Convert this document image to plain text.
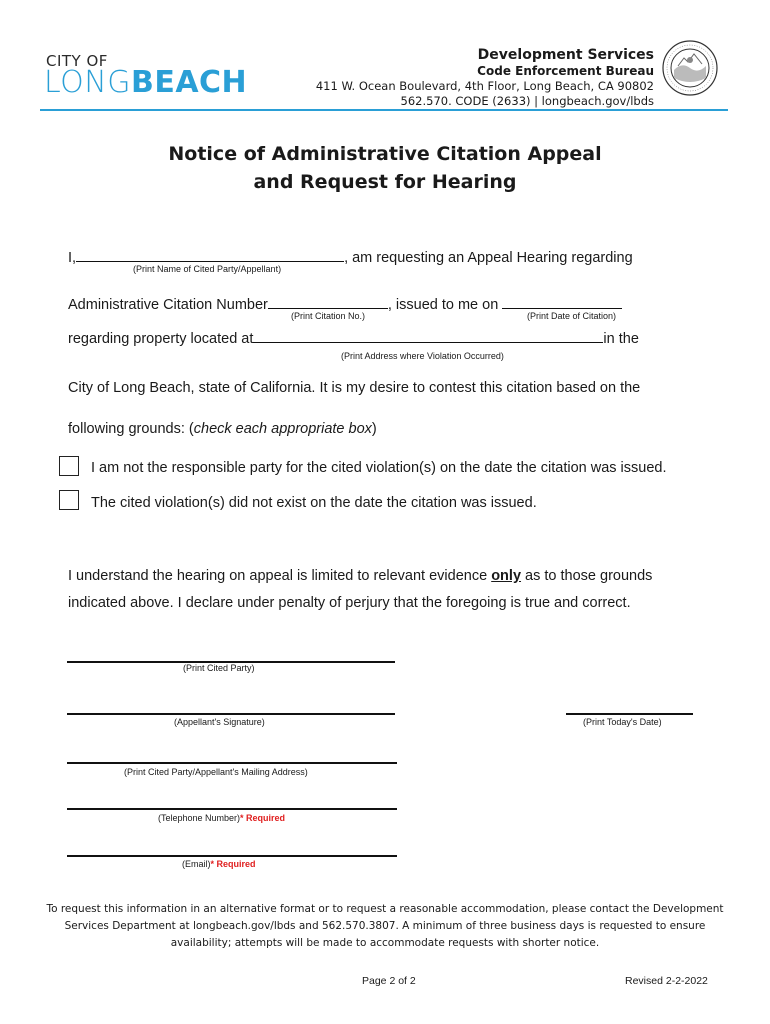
CITY OF
LONGBEACH
Development Services
Code Enforcement Bureau
411 W. Ocean Boulevard, 4th Floor, Long Beach, CA 90802
562.570. CODE (2633) | longbeach.gov/lbds
Notice of Administrative Citation Appeal
and Request for Hearing
I,	, am requesting an Appeal Hearing regarding
(Print Name of Cited Party/Appellant)
Administrative Citation Number	, issued to me on
(Print Citation No.)	(Print Date of Citation)
regarding property located at	in the
(Print Address where Violation Occurred)
City of Long Beach, state of California. It is my desire to contest this citation based on the
following grounds: (check each appropriate box)
I am not the responsible party for the cited violation(s) on the date the citation was issued.
The cited violation(s) did not exist on the date the citation was issued.
I understand the hearing on appeal is limited to relevant evidence only as to those grounds
indicated above. I declare under penalty of perjury that the foregoing is true and correct.
(Print Cited Party)
(Appellant's Signature)	(Print Today's Date)
(Print Cited Party/Appellant's Mailing Address)
(Telephone Number)* Required
(Email)* Required
To request this information in an alternative format or to request a reasonable accommodation, please contact the Development
Services Department at longbeach.gov/lbds and 562.570.3807. A minimum of three business days is requested to ensure
availability; attempts will be made to accommodate requests with shorter notice.
Page 2 of 2	Revised 2-2-2022
